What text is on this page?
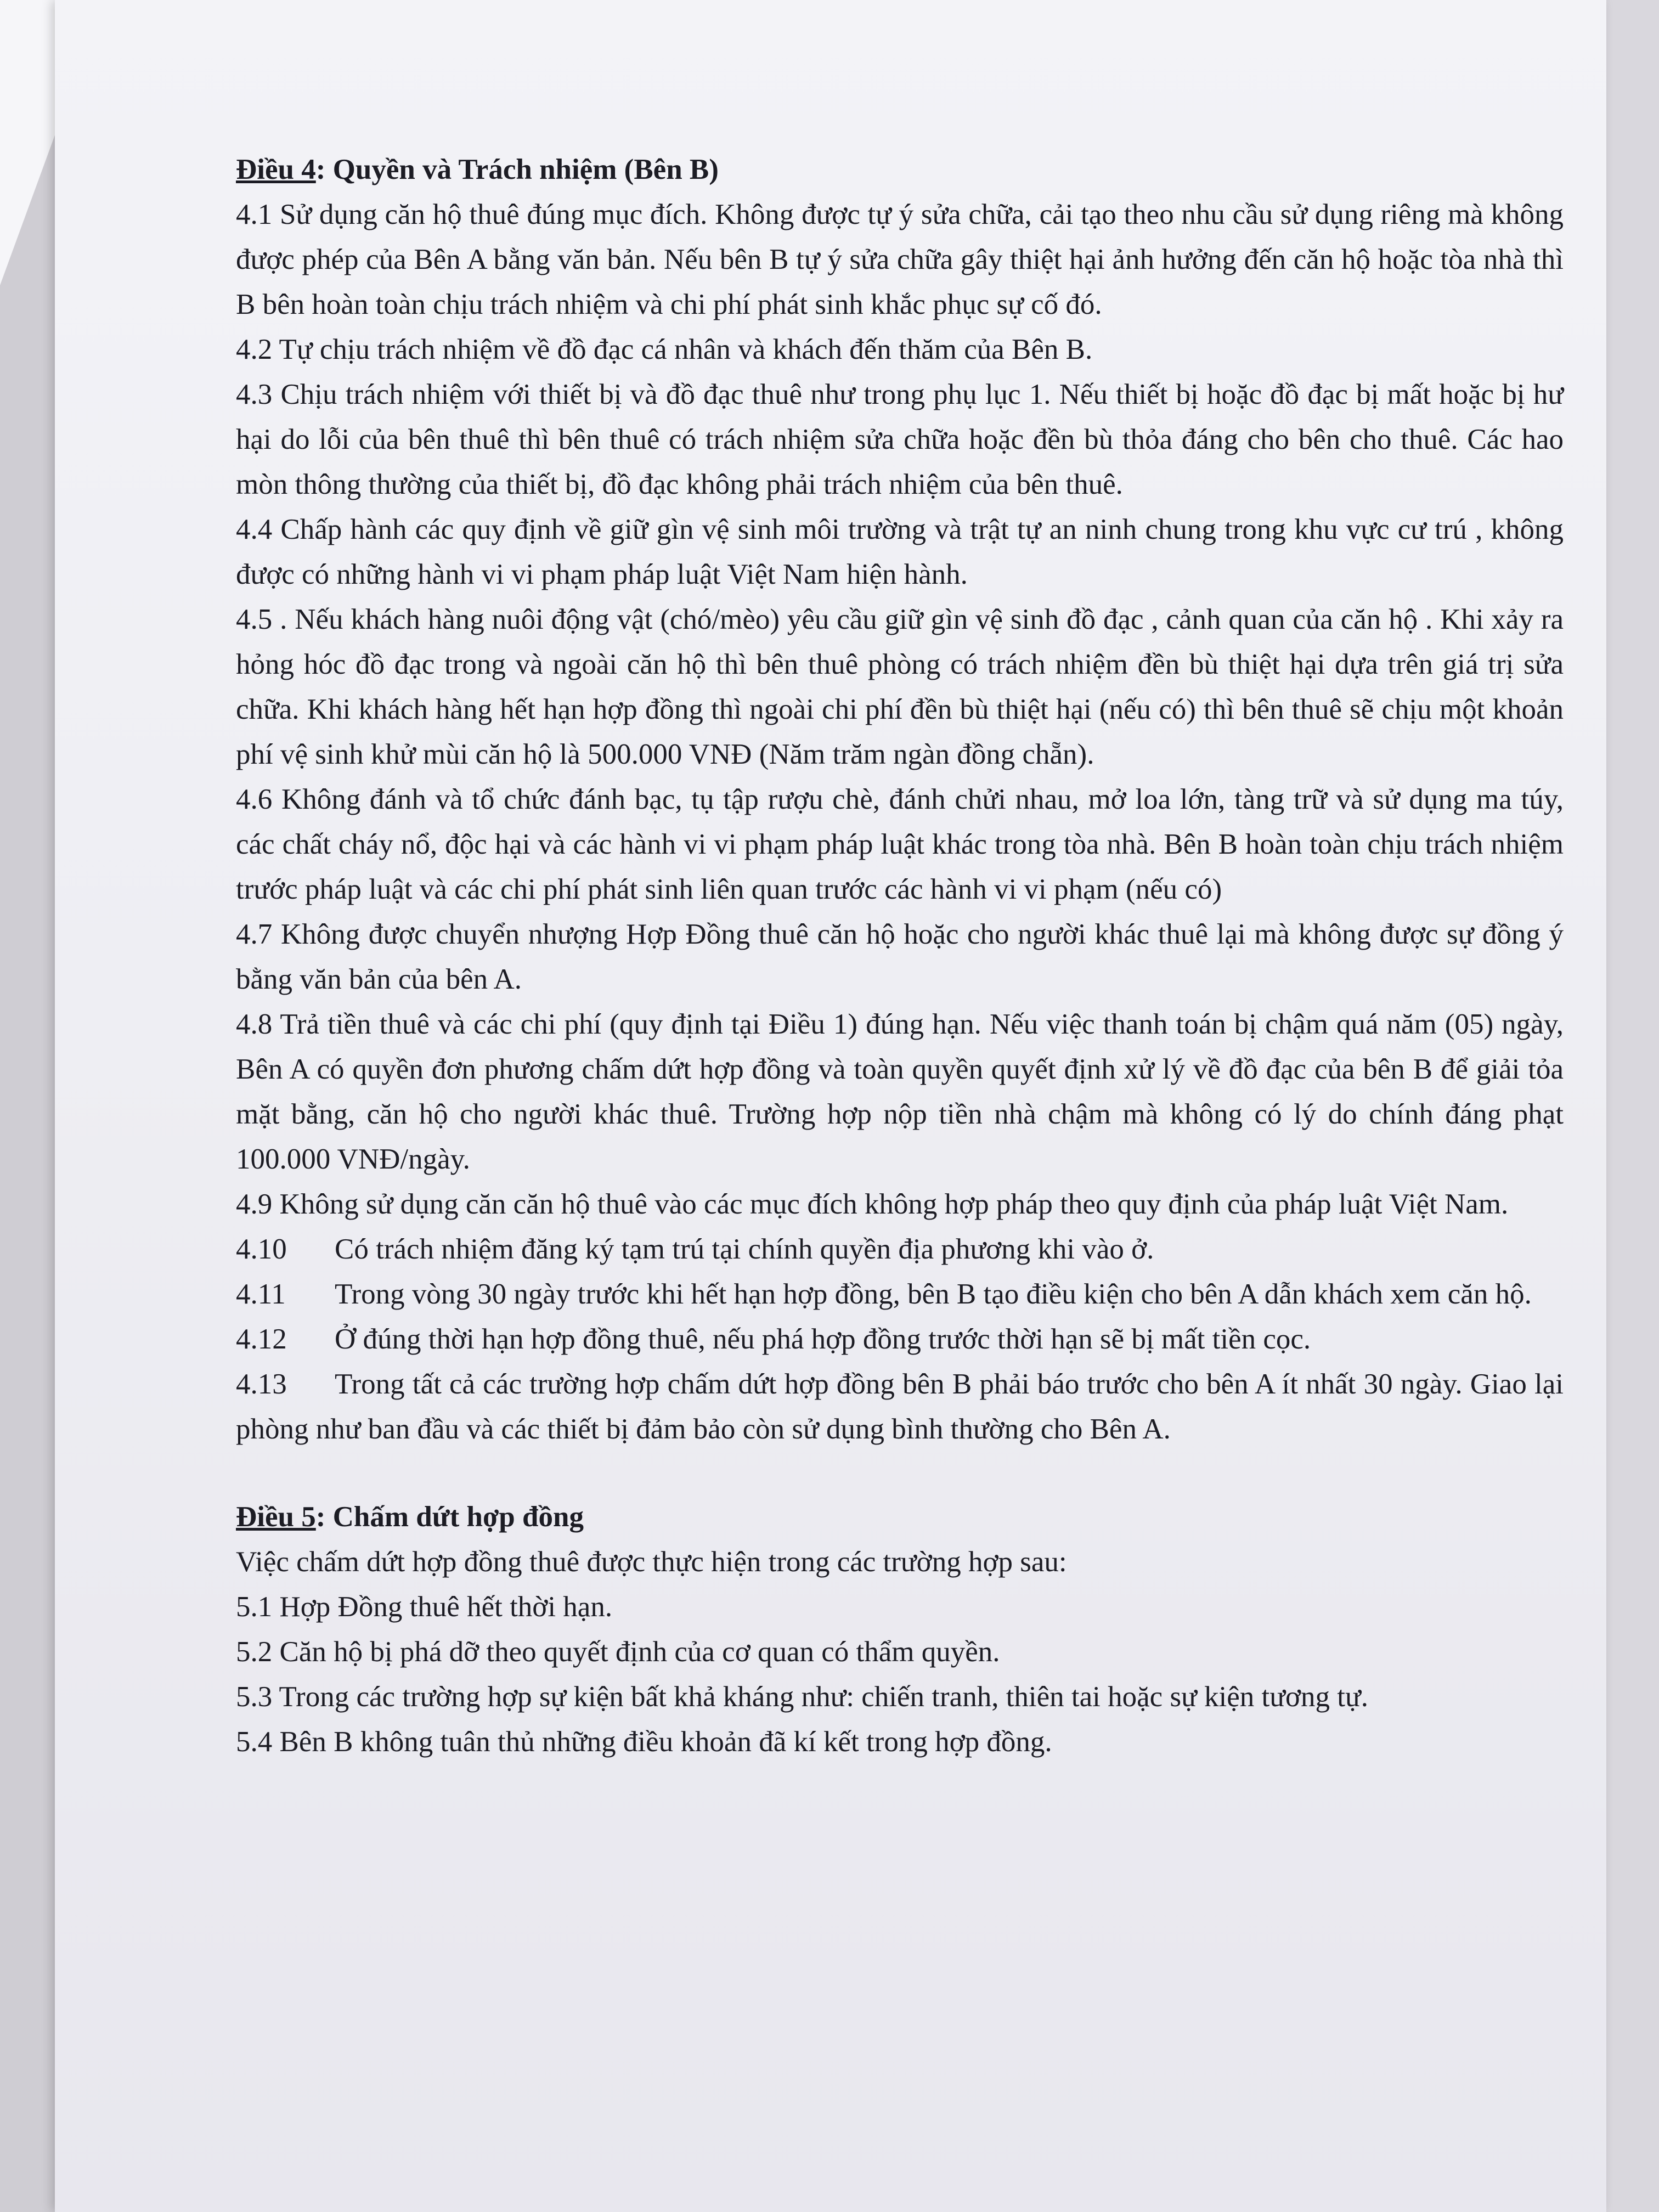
Điều 4: Quyền và Trách nhiệm (Bên B)

4.1 Sử dụng căn hộ thuê đúng mục đích. Không được tự ý sửa chữa, cải tạo theo nhu cầu sử dụng riêng mà không được phép của Bên A bằng văn bản. Nếu bên B tự ý sửa chữa gây thiệt hại ảnh hưởng đến căn hộ hoặc tòa nhà thì B bên hoàn toàn chịu trách nhiệm và chi phí phát sinh khắc phục sự cố đó.

4.2 Tự chịu trách nhiệm về đồ đạc cá nhân và khách đến thăm của Bên B.

4.3 Chịu trách nhiệm với thiết bị và đồ đạc thuê như trong phụ lục 1. Nếu thiết bị hoặc đồ đạc bị mất hoặc bị hư hại do lỗi của bên thuê thì bên thuê có trách nhiệm sửa chữa hoặc đền bù thỏa đáng cho bên cho thuê. Các hao mòn thông thường của thiết bị, đồ đạc không phải trách nhiệm của bên thuê.

4.4 Chấp hành các quy định về giữ gìn vệ sinh môi trường và trật tự an ninh chung trong khu vực cư trú , không được có những hành vi vi phạm pháp luật Việt Nam hiện hành.

4.5 . Nếu khách hàng nuôi động vật (chó/mèo) yêu cầu giữ gìn vệ sinh đồ đạc , cảnh quan của căn hộ . Khi xảy ra hỏng hóc đồ đạc trong và ngoài căn hộ thì bên thuê phòng có trách nhiệm đền bù thiệt hại dựa trên giá trị sửa chữa. Khi khách hàng hết hạn hợp đồng thì ngoài chi phí đền bù thiệt hại (nếu có) thì bên thuê sẽ chịu một khoản phí vệ sinh khử mùi căn hộ là 500.000 VNĐ (Năm trăm ngàn đồng chẵn).

4.6 Không đánh và tổ chức đánh bạc, tụ tập rượu chè, đánh chửi nhau, mở loa lớn, tàng trữ và sử dụng ma túy, các chất cháy nổ, độc hại và các hành vi vi phạm pháp luật khác trong tòa nhà. Bên B hoàn toàn chịu trách nhiệm trước pháp luật và các chi phí phát sinh liên quan trước các hành vi vi phạm (nếu có)

4.7 Không được chuyển nhượng Hợp Đồng thuê căn hộ hoặc cho người khác thuê lại mà không được sự đồng ý bằng văn bản của bên A.

4.8 Trả tiền thuê và các chi phí (quy định tại Điều 1) đúng hạn. Nếu việc thanh toán bị chậm quá năm (05) ngày, Bên A có quyền đơn phương chấm dứt hợp đồng và toàn quyền quyết định xử lý về đồ đạc của bên B để giải tỏa mặt bằng, căn hộ cho người khác thuê. Trường hợp nộp tiền nhà chậm mà không có lý do chính đáng phạt 100.000 VNĐ/ngày.

4.9 Không sử dụng căn căn hộ thuê vào các mục đích không hợp pháp theo quy định của pháp luật Việt Nam.

4.10 Có trách nhiệm đăng ký tạm trú tại chính quyền địa phương khi vào ở.

4.11 Trong vòng 30 ngày trước khi hết hạn hợp đồng, bên B tạo điều kiện cho bên A dẫn khách xem căn hộ.

4.12 Ở đúng thời hạn hợp đồng thuê, nếu phá hợp đồng trước thời hạn sẽ bị mất tiền cọc.

4.13 Trong tất cả các trường hợp chấm dứt hợp đồng bên B phải báo trước cho bên A ít nhất 30 ngày. Giao lại phòng như ban đầu và các thiết bị đảm bảo còn sử dụng bình thường cho Bên A.

Điều 5: Chấm dứt hợp đồng

Việc chấm dứt hợp đồng thuê được thực hiện trong các trường hợp sau:

5.1 Hợp Đồng thuê hết thời hạn.

5.2 Căn hộ bị phá dỡ theo quyết định của cơ quan có thẩm quyền.

5.3 Trong các trường hợp sự kiện bất khả kháng như: chiến tranh, thiên tai hoặc sự kiện tương tự.

5.4 Bên B không tuân thủ những điều khoản đã kí kết trong hợp đồng.
